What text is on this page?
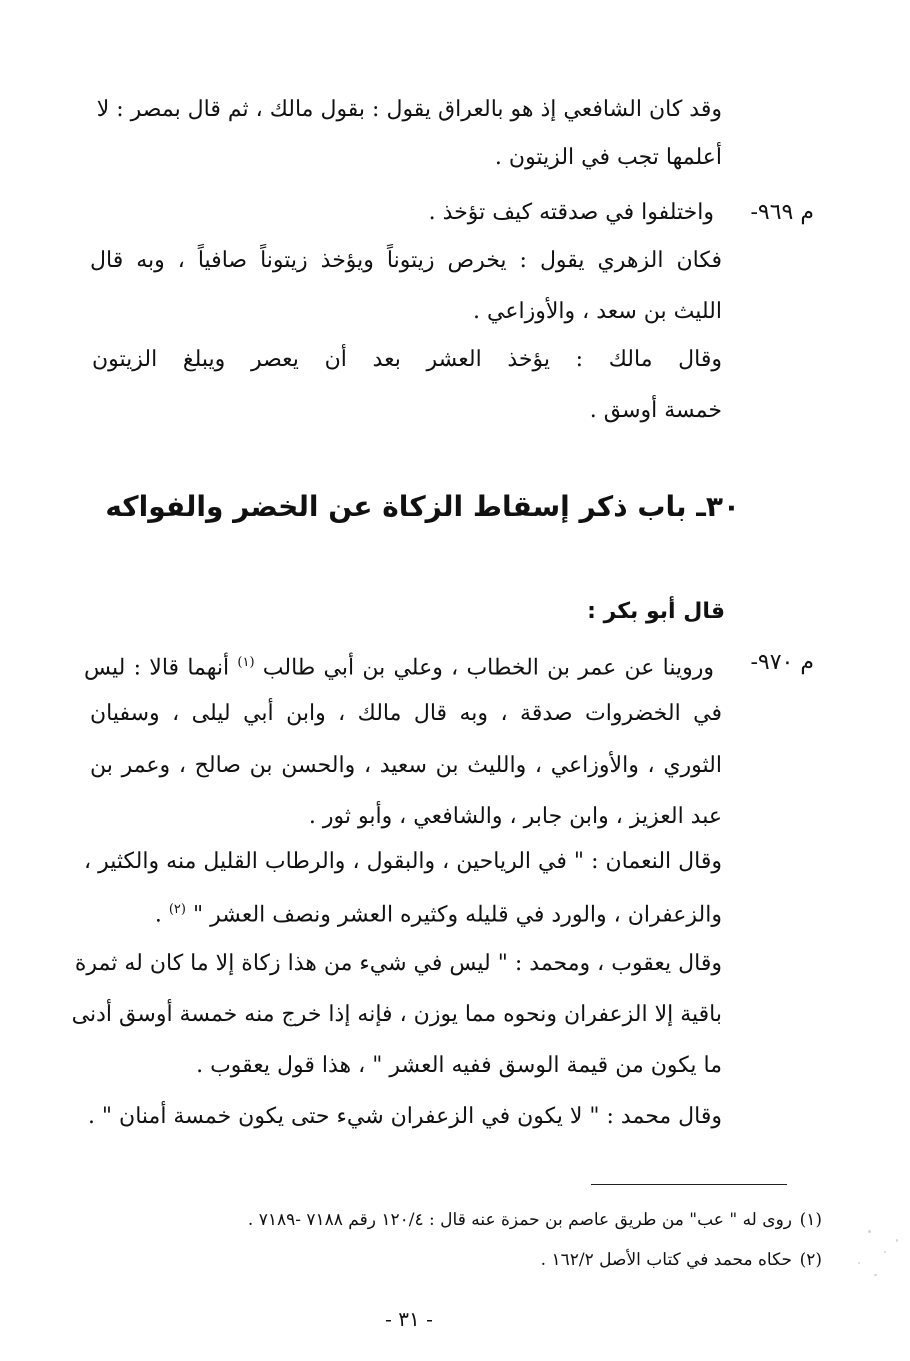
وقد كان الشافعي إذ هو بالعراق يقول : بقول مالك ، ثم قال بمصر : لا
أعلمها تجب في الزيتون .
م ٩٦٩-
واختلفوا في صدقته كيف تؤخذ .
فكان الزهري يقول : يخرص زيتوناً ويؤخذ زيتوناً صافياً ، وبه قال
الليث بن سعد ، والأوزاعي .
وقال مالك : يؤخذ العشر بعد أن يعصر ويبلغ الزيتون
خمسة أوسق .
٣٠ـ باب ذكر إسقاط الزكاة عن الخضر والفواكه
قال أبو بكر :
م ٩٧٠-
وروينا عن عمر بن الخطاب ، وعلي بن أبي طالب $^{(١)}$ أنهما قالا : ليس
في الخضروات صدقة ، وبه قال مالك ، وابن أبي ليلى ، وسفيان
الثوري ، والأوزاعي ، والليث بن سعيد ، والحسن بن صالح ، وعمر بن
عبد العزيز ، وابن جابر ، والشافعي ، وأبو ثور .
وقال النعمان : " في الرياحين ، والبقول ، والرطاب القليل منه والكثير ،
والزعفران ، والورد في قليله وكثيره العشر ونصف العشر " $^{(٢)}$ .
وقال يعقوب ، ومحمد : " ليس في شيء من هذا زكاة إلا ما كان له ثمرة
باقية إلا الزعفران ونحوه مما يوزن ، فإنه إذا خرج منه خمسة أوسق أدنى
ما يكون من قيمة الوسق ففيه العشر " ، هذا قول يعقوب .
وقال محمد : " لا يكون في الزعفران شيء حتى يكون خمسة أمنان " .
(١)
روى له " عب" من طريق عاصم بن حمزة عنه قال : ١٢٠/٤ رقم ٧١٨٨ -٧١٨٩ .
(٢)
حكاه محمد في كتاب الأصل ١٦٢/٢ .
- ٣١ -
